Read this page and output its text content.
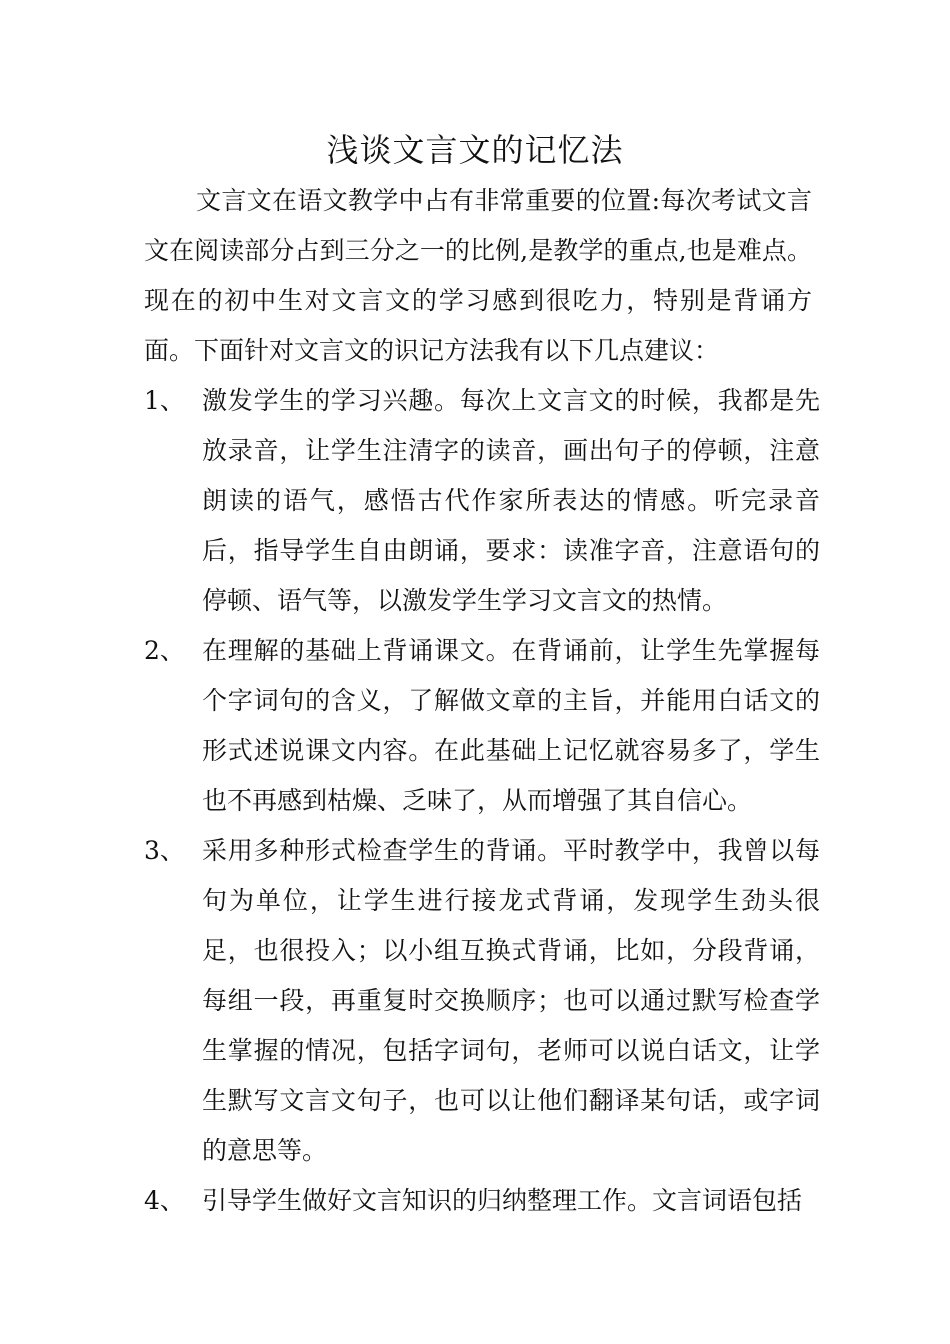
浅谈文言文的记忆法
文言文在语文教学中占有非常重要的位置:每次考试文言文在阅读部分占到三分之一的比例,是教学的重点,也是难点。现在的初中生对文言文的学习感到很吃力，特别是背诵方面。下面针对文言文的识记方法我有以下几点建议：
1、 激发学生的学习兴趣。每次上文言文的时候，我都是先放录音，让学生注清字的读音，画出句子的停顿，注意朗读的语气，感悟古代作家所表达的情感。听完录音后，指导学生自由朗诵，要求：读准字音，注意语句的停顿、语气等，以激发学生学习文言文的热情。
2、 在理解的基础上背诵课文。在背诵前，让学生先掌握每个字词句的含义，了解做文章的主旨，并能用白话文的形式述说课文内容。在此基础上记忆就容易多了，学生也不再感到枯燥、乏味了，从而增强了其自信心。
3、 采用多种形式检查学生的背诵。平时教学中，我曾以每句为单位，让学生进行接龙式背诵，发现学生劲头很足，也很投入；以小组互换式背诵，比如，分段背诵，每组一段，再重复时交换顺序；也可以通过默写检查学生掌握的情况，包括字词句，老师可以说白话文，让学生默写文言文句子，也可以让他们翻译某句话，或字词的意思等。
4、 引导学生做好文言知识的归纳整理工作。文言词语包括
